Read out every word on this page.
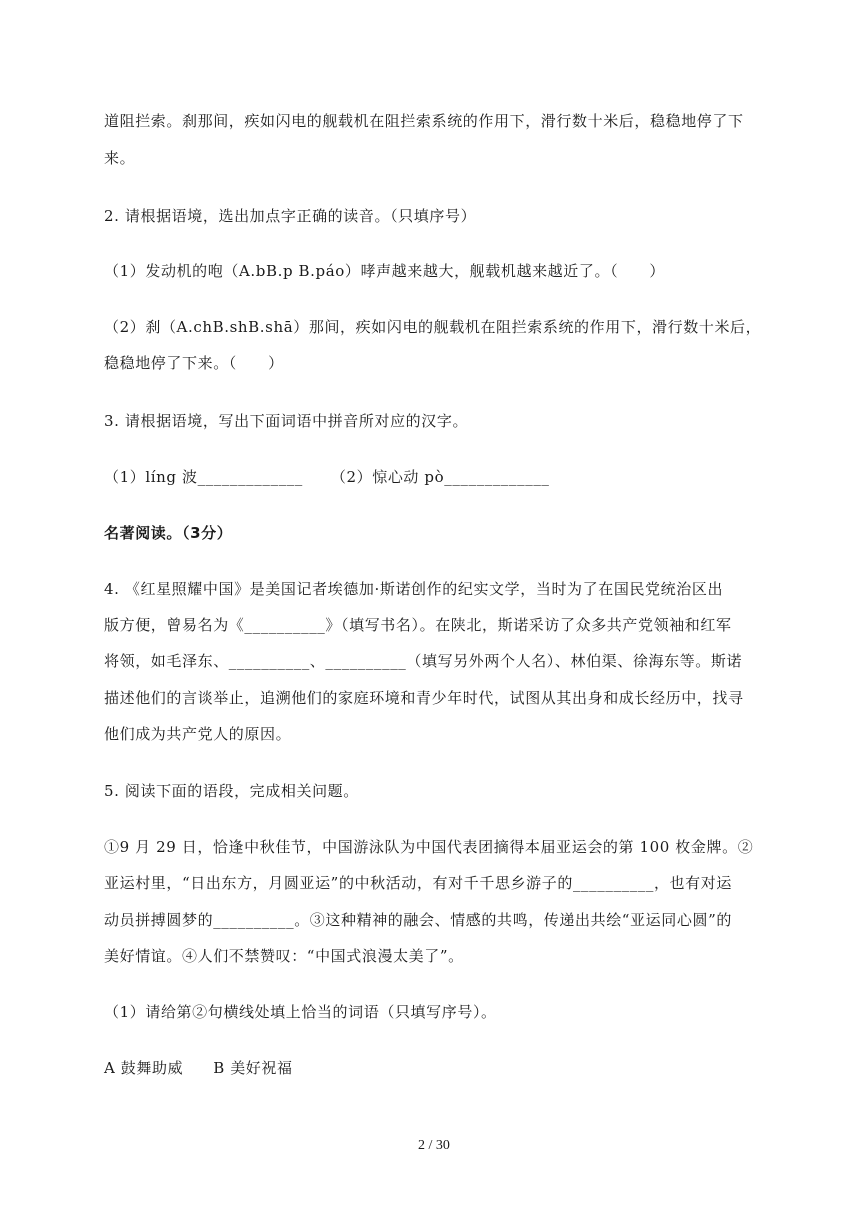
道阻拦索。刹那间，疾如闪电的舰载机在阻拦索系统的作用下，滑行数十米后，稳稳地停了下
来。
2. 请根据语境，选出加点字正确的读音。（只填序号）
（1）发动机的咆（A.bB.p B.páo）哮声越来越大，舰载机越来越近了。（　　）
（2）刹（A.chB.shB.shā）那间，疾如闪电的舰载机在阻拦索系统的作用下，滑行数十米后，
稳稳地停了下来。（　　）
3. 请根据语境，写出下面词语中拼音所对应的汉字。
（1）líng 波_____________ （2）惊心动 pò_____________
名著阅读。（3分）
4. 《红星照耀中国》是美国记者埃德加·斯诺创作的纪实文学，当时为了在国民党统治区出
版方便，曾易名为《__________》（填写书名）。在陕北，斯诺采访了众多共产党领袖和红军
将领，如毛泽东、__________、__________（填写另外两个人名）、林伯渠、徐海东等。斯诺
描述他们的言谈举止，追溯他们的家庭环境和青少年时代，试图从其出身和成长经历中，找寻
他们成为共产党人的原因。
5. 阅读下面的语段，完成相关问题。
①9 月 29 日，恰逢中秋佳节，中国游泳队为中国代表团摘得本届亚运会的第 100 枚金牌。②
亚运村里，“日出东方，月圆亚运”的中秋活动，有对千千思乡游子的__________，也有对运
动员拼搏圆梦的__________。③这种精神的融会、情感的共鸣，传递出共绘“亚运同心圆”的
美好情谊。④人们不禁赞叹：“中国式浪漫太美了”。
（1）请给第②句横线处填上恰当的词语（只填写序号）。
A 鼓舞助威 B 美好祝福
2 / 30
